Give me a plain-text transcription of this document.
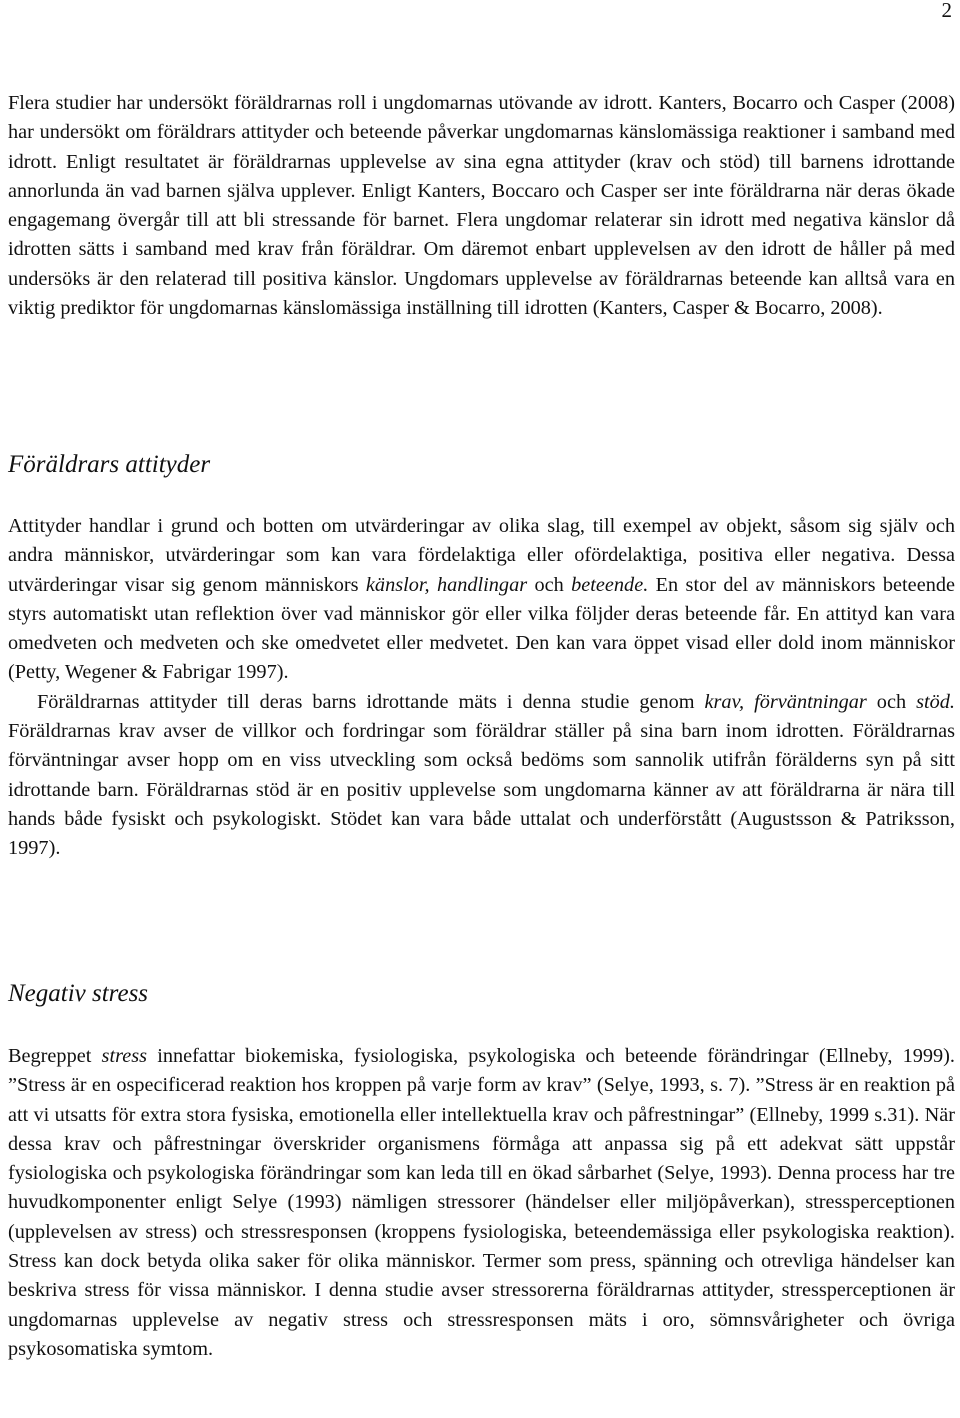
2

Flera studier har undersökt föräldrarnas roll i ungdomarnas utövande av idrott. Kanters, Bocarro och Casper (2008) har undersökt om föräldrars attityder och beteende påverkar ungdomarnas känslomässiga reaktioner i samband med idrott. Enligt resultatet är föräldrarnas upplevelse av sina egna attityder (krav och stöd) till barnens idrottande annorlunda än vad barnen själva upplever. Enligt Kanters, Boccaro och Casper ser inte föräldrarna när deras ökade engagemang övergår till att bli stressande för barnet. Flera ungdomar relaterar sin idrott med negativa känslor då idrotten sätts i samband med krav från föräldrar. Om däremot enbart upplevelsen av den idrott de håller på med undersöks är den relaterad till positiva känslor. Ungdomars upplevelse av föräldrarnas beteende kan alltså vara en viktig prediktor för ungdomarnas känslomässiga inställning till idrotten (Kanters, Casper & Bocarro, 2008).

Föräldrars attityder

Attityder handlar i grund och botten om utvärderingar av olika slag, till exempel av objekt, såsom sig själv och andra människor, utvärderingar som kan vara fördelaktiga eller ofördelaktiga, positiva eller negativa. Dessa utvärderingar visar sig genom människors känslor, handlingar och beteende. En stor del av människors beteende styrs automatiskt utan reflektion över vad människor gör eller vilka följder deras beteende får. En attityd kan vara omedveten och medveten och ske omedvetet eller medvetet. Den kan vara öppet visad eller dold inom människor (Petty, Wegener & Fabrigar 1997).

Föräldrarnas attityder till deras barns idrottande mäts i denna studie genom krav, förväntningar och stöd. Föräldrarnas krav avser de villkor och fordringar som föräldrar ställer på sina barn inom idrotten. Föräldrarnas förväntningar avser hopp om en viss utveckling som också bedöms som sannolik utifrån förälderns syn på sitt idrottande barn. Föräldrarnas stöd är en positiv upplevelse som ungdomarna känner av att föräldrarna är nära till hands både fysiskt och psykologiskt. Stödet kan vara både uttalat och underförstått (Augustsson & Patriksson, 1997).

Negativ stress

Begreppet stress innefattar biokemiska, fysiologiska, psykologiska och beteende förändringar (Ellneby, 1999). ”Stress är en ospecificerad reaktion hos kroppen på varje form av krav” (Selye, 1993, s. 7). ”Stress är en reaktion på att vi utsatts för extra stora fysiska, emotionella eller intellektuella krav och påfrestningar” (Ellneby, 1999 s.31). När dessa krav och påfrestningar överskrider organismens förmåga att anpassa sig på ett adekvat sätt uppstår fysiologiska och psykologiska förändringar som kan leda till en ökad sårbarhet (Selye, 1993). Denna process har tre huvudkomponenter enligt Selye (1993) nämligen stressorer (händelser eller miljöpåverkan), stressperceptionen (upplevelsen av stress) och stressresponsen (kroppens fysiologiska, beteendemässiga eller psykologiska reaktion). Stress kan dock betyda olika saker för olika människor. Termer som press, spänning och otrevliga händelser kan beskriva stress för vissa människor. I denna studie avser stressorerna föräldrarnas attityder, stressperceptionen är ungdomarnas upplevelse av negativ stress och stressresponsen mäts i oro, sömnsvårigheter och övriga psykosomatiska symtom.
